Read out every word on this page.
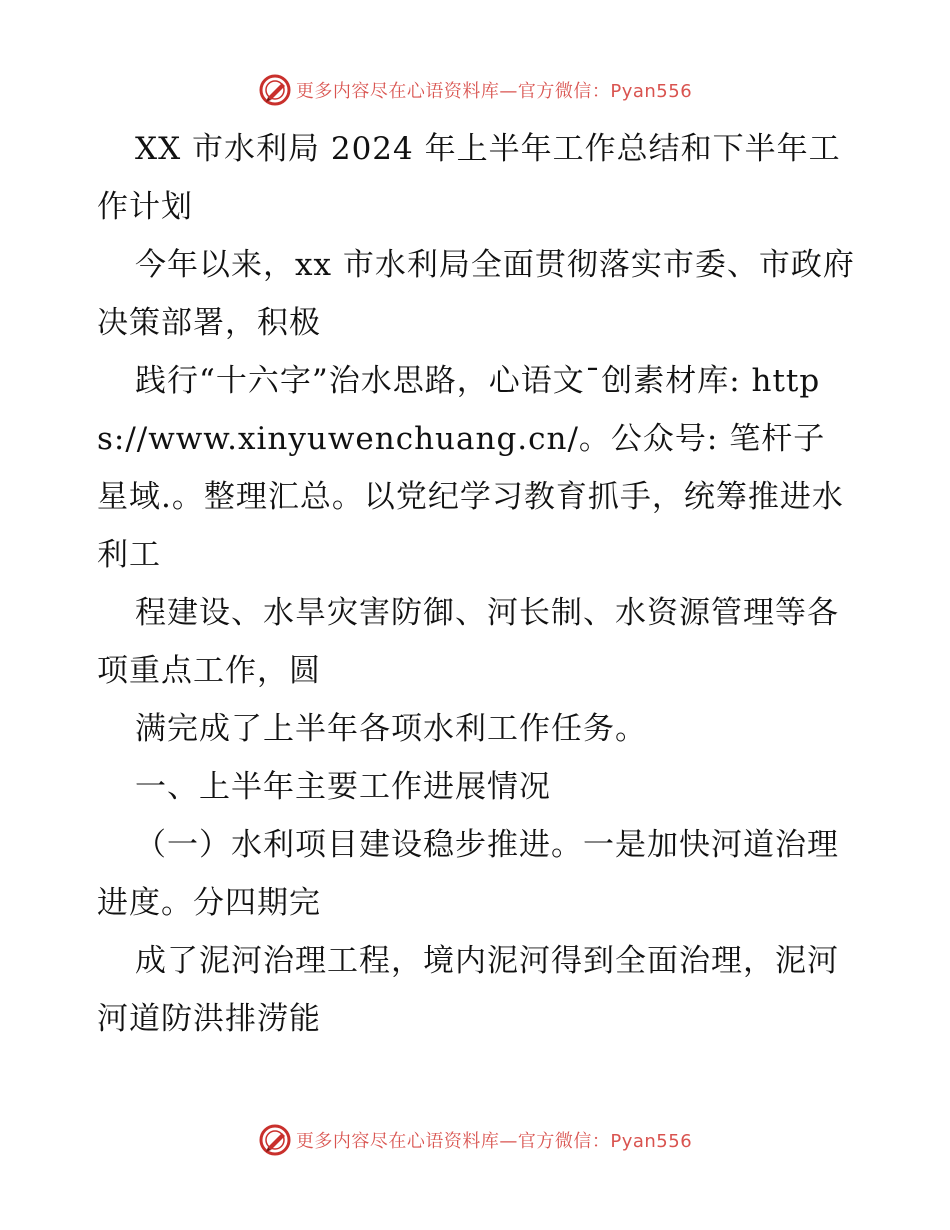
更多内容尽在心语资料库—官方微信：Pyan556

XX 市水利局 2024 年上半年工作总结和下半年工作计划

今年以来，xx 市水利局全面贯彻落实市委、市政府决策部署，积极

践行“十六字”治水思路，心语文¯创素材库: https://www.xinyuwenchuang.cn/。公众号: 笔杆子星域.。整理汇总。以党纪学习教育抓手，统筹推进水利工

程建设、水旱灾害防御、河长制、水资源管理等各项重点工作，圆

满完成了上半年各项水利工作任务。

一、上半年主要工作进展情况

（一）水利项目建设稳步推进。一是加快河道治理进度。分四期完

成了泥河治理工程，境内泥河得到全面治理，泥河河道防洪排涝能

更多内容尽在心语资料库—官方微信：Pyan556
